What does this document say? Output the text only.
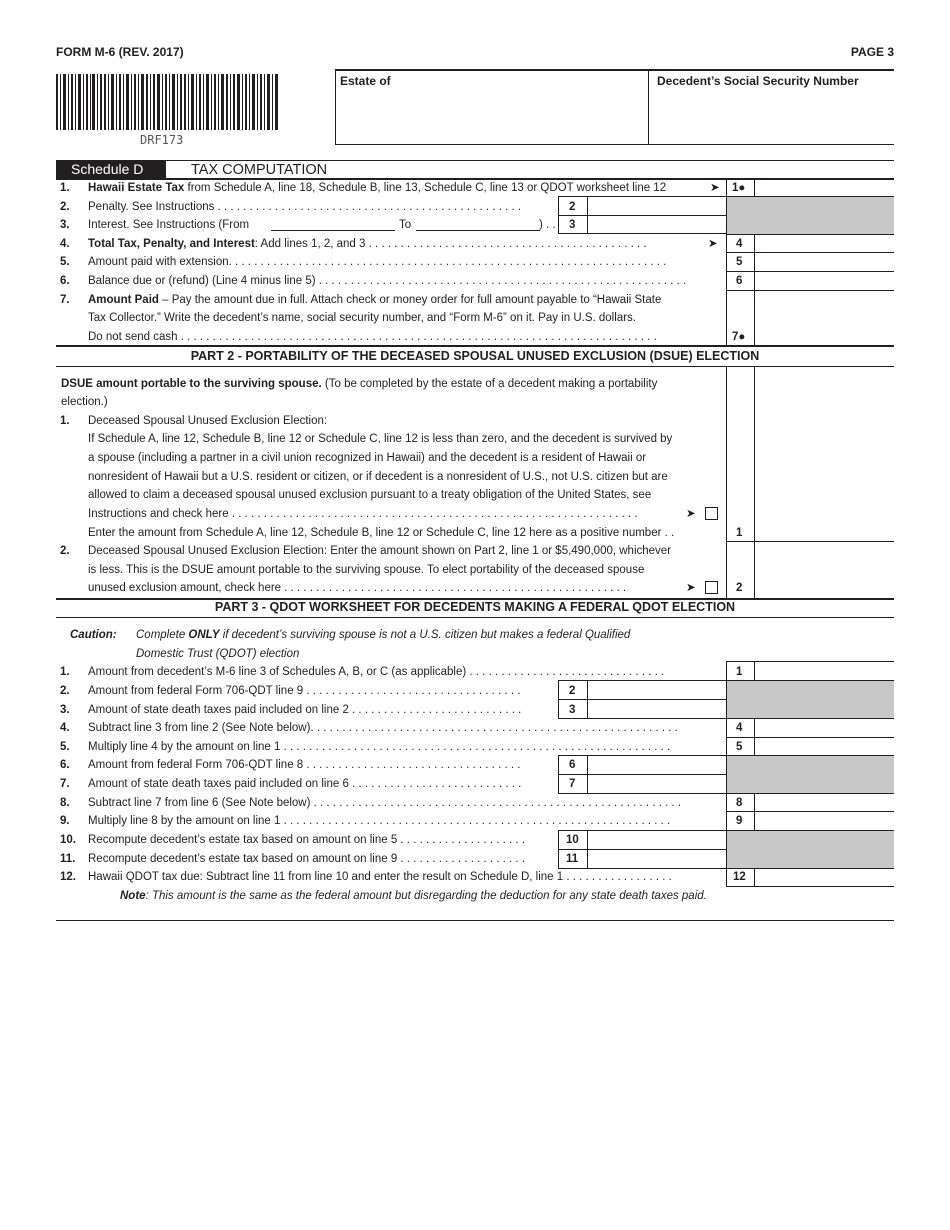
FORM M-6 (REV. 2017)	PAGE 3
DRF173
Estate of	Decedent’s Social Security Number
Schedule D	TAX COMPUTATION
1. Hawaii Estate Tax from Schedule A, line 18, Schedule B, line 13, Schedule C, line 13 or QDOT worksheet line 12	➤ 1●
2. Penalty. See Instructions . . . . . . . . . . . . . . . . . . . . . . . . . . . . . . . . . . . . . . . . . . . . . . . .	2
3. Interest. See Instructions (From	To	) . . 3
4. Total Tax, Penalty, and Interest: Add lines 1, 2, and 3 . . . . . . . . . . . . . . . . . . . . . . . . . . . . . . . . . . . . . . . . . . . .	➤ 4
5. Amount paid with extension. . . . . . . . . . . . . . . . . . . . . . . . . . . . . . . . . . . . . . . . . . . . . . . . . . . . . . . . . . . . . . . . . . . . .	5
6. Balance due or (refund) (Line 4 minus line 5) . . . . . . . . . . . . . . . . . . . . . . . . . . . . . . . . . . . . . . . . . . . . . . . . . . . . . . . . . .	6
7. Amount Paid – Pay the amount due in full. Attach check or money order for full amount payable to “Hawaii State
Tax Collector.” Write the decedent’s name, social security number, and “Form M-6” on it. Pay in U.S. dollars.
Do not send cash . . . . . . . . . . . . . . . . . . . . . . . . . . . . . . . . . . . . . . . . . . . . . . . . . . . . . . . . . . . . . . . . . . . . . . . . . . .	7●
PART 2 - PORTABILITY OF THE DECEASED SPOUSAL UNUSED EXCLUSION (DSUE) ELECTION
DSUE amount portable to the surviving spouse. (To be completed by the estate of a decedent making a portability
election.)
1. Deceased Spousal Unused Exclusion Election:
If Schedule A, line 12, Schedule B, line 12 or Schedule C, line 12 is less than zero, and the decedent is survived by
a spouse (including a partner in a civil union recognized in Hawaii) and the decedent is a resident of Hawaii or
nonresident of Hawaii but a U.S. resident or citizen, or if decedent is a nonresident of U.S., not U.S. citizen but are
allowed to claim a deceased spousal unused exclusion pursuant to a treaty obligation of the United States, see
Instructions and check here . . . . . . . . . . . . . . . . . . . . . . . . . . . . . . . . . . . . . . . . . . . . . . . . . . . . . . . . . . . . . . . .	➤
Enter the amount from Schedule A, line 12, Schedule B, line 12 or Schedule C, line 12 here as a positive number . .	1
2. Deceased Spousal Unused Exclusion Election: Enter the amount shown on Part 2, line 1 or $5,490,000, whichever
is less. This is the DSUE amount portable to the surviving spouse. To elect portability of the deceased spouse
unused exclusion amount, check here . . . . . . . . . . . . . . . . . . . . . . . . . . . . . . . . . . . . . . . . . . . . . . . . . . . . . .	➤	2
PART 3 - QDOT WORKSHEET FOR DECEDENTS MAKING A FEDERAL QDOT ELECTION
Caution: Complete ONLY if decedent’s surviving spouse is not a U.S. citizen but makes a federal Qualified
Domestic Trust (QDOT) election
1. Amount from decedent’s M-6 line 3 of Schedules A, B, or C (as applicable) . . . . . . . . . . . . . . . . . . . . . . . . . . . . . . .	1
2. Amount from federal Form 706-QDT line 9 . . . . . . . . . . . . . . . . . . . . . . . . . . . . . . . . . .	2
3. Amount of state death taxes paid included on line 2 . . . . . . . . . . . . . . . . . . . . . . . . . . .	3
4. Subtract line 3 from line 2 (See Note below). . . . . . . . . . . . . . . . . . . . . . . . . . . . . . . . . . . . . . . . . . . . . . . . . . . . . . . . . .	4
5. Multiply line 4 by the amount on line 1 . . . . . . . . . . . . . . . . . . . . . . . . . . . . . . . . . . . . . . . . . . . . . . . . . . . . . . . . . . . . .	5
6. Amount from federal Form 706-QDT line 8 . . . . . . . . . . . . . . . . . . . . . . . . . . . . . . . . . .	6
7. Amount of state death taxes paid included on line 6 . . . . . . . . . . . . . . . . . . . . . . . . . . .	7
8. Subtract line 7 from line 6 (See Note below) . . . . . . . . . . . . . . . . . . . . . . . . . . . . . . . . . . . . . . . . . . . . . . . . . . . . . . . . . .	8
9. Multiply line 8 by the amount on line 1 . . . . . . . . . . . . . . . . . . . . . . . . . . . . . . . . . . . . . . . . . . . . . . . . . . . . . . . . . . . . .	9
10. Recompute decedent’s estate tax based on amount on line 5 . . . . . . . . . . . . . . . . . . . .	10
11. Recompute decedent’s estate tax based on amount on line 9 . . . . . . . . . . . . . . . . . . . .	11
12. Hawaii QDOT tax due: Subtract line 11 from line 10 and enter the result on Schedule D, line 1 . . . . . . . . . . . . . . . . .	12
Note: This amount is the same as the federal amount but disregarding the deduction for any state death taxes paid.
